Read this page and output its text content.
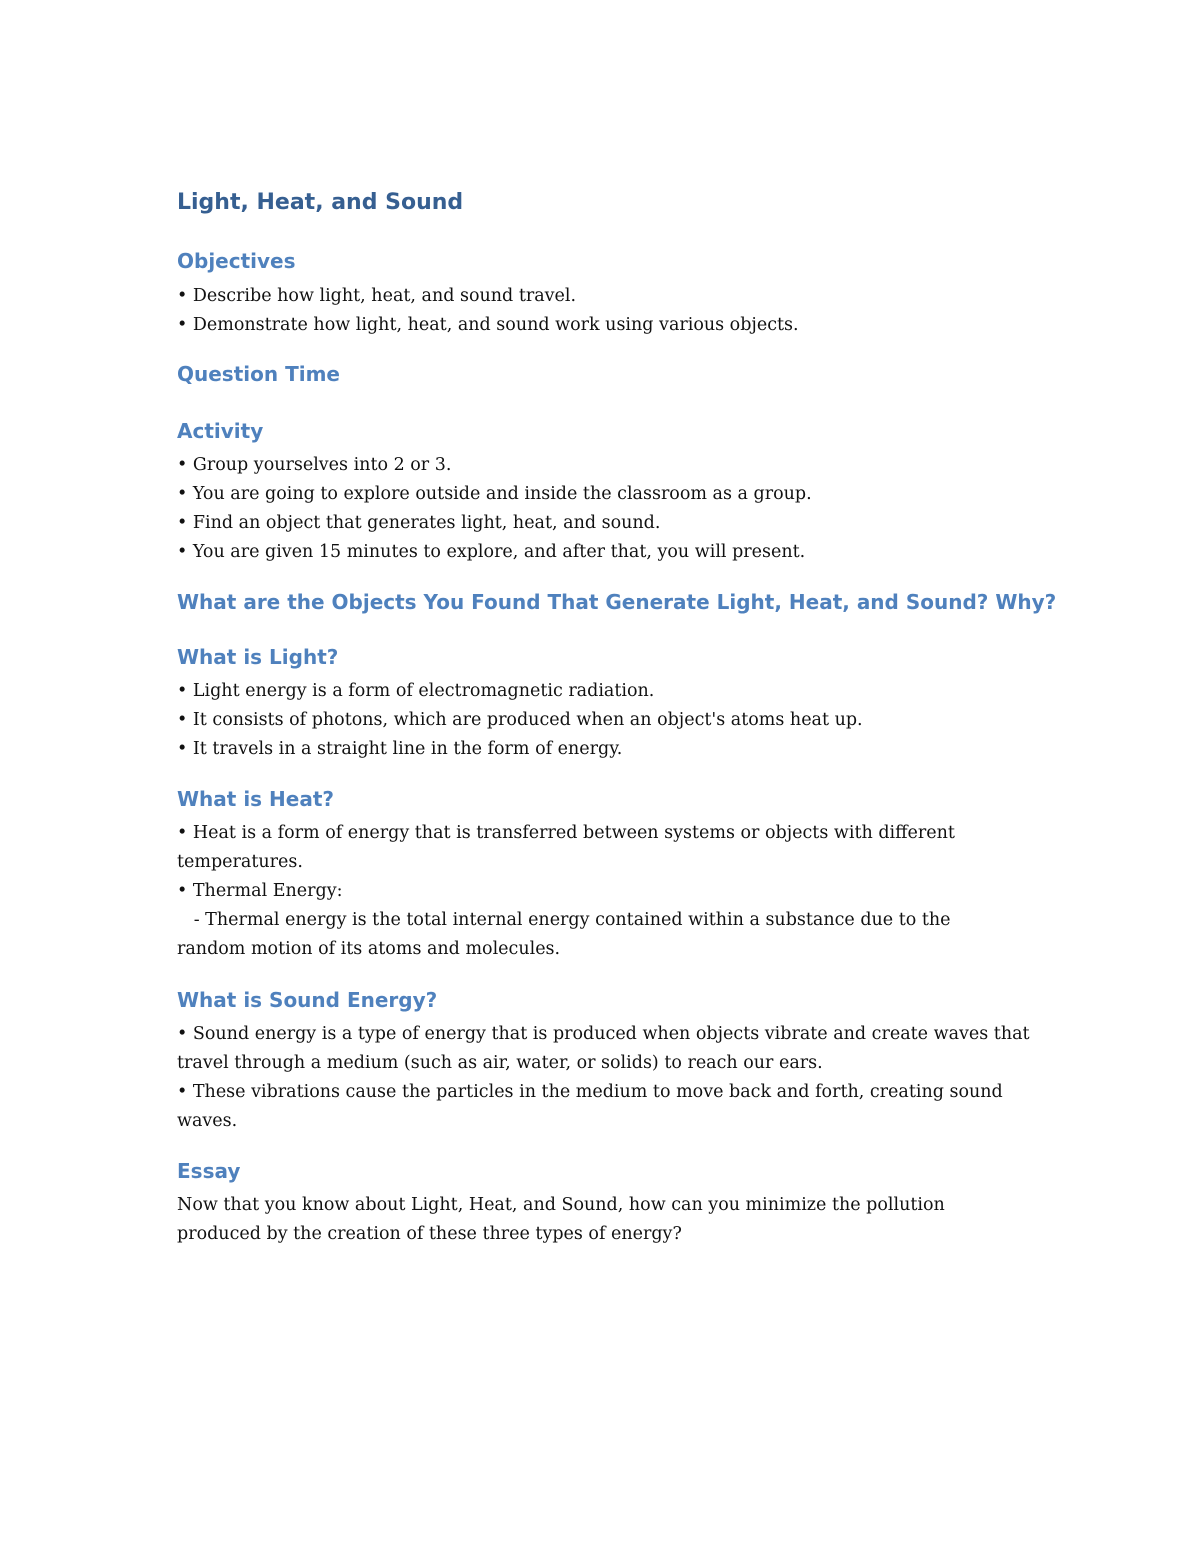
Light, Heat, and Sound
Objectives

• Describe how light, heat, and sound travel.

• Demonstrate how light, heat, and sound work using various objects.

Question Time
Activity

• Group yourselves into 2 or 3.

• You are going to explore outside and inside the classroom as a group.

• Find an object that generates light, heat, and sound.

• You are given 15 minutes to explore, and after that, you will present.

What are the Objects You Found That Generate Light, Heat, and Sound? Why?
What is Light?

• Light energy is a form of electromagnetic radiation.

• It consists of photons, which are produced when an object's atoms heat up.

• It travels in a straight line in the form of energy.

What is Heat?

• Heat is a form of energy that is transferred between systems or objects with different temperatures.

• Thermal Energy:

- Thermal energy is the total internal energy contained within a substance due to the random motion of its atoms and molecules.

What is Sound Energy?

• Sound energy is a type of energy that is produced when objects vibrate and create waves that travel through a medium (such as air, water, or solids) to reach our ears.

• These vibrations cause the particles in the medium to move back and forth, creating sound waves.

Essay

Now that you know about Light, Heat, and Sound, how can you minimize the pollution produced by the creation of these three types of energy?
